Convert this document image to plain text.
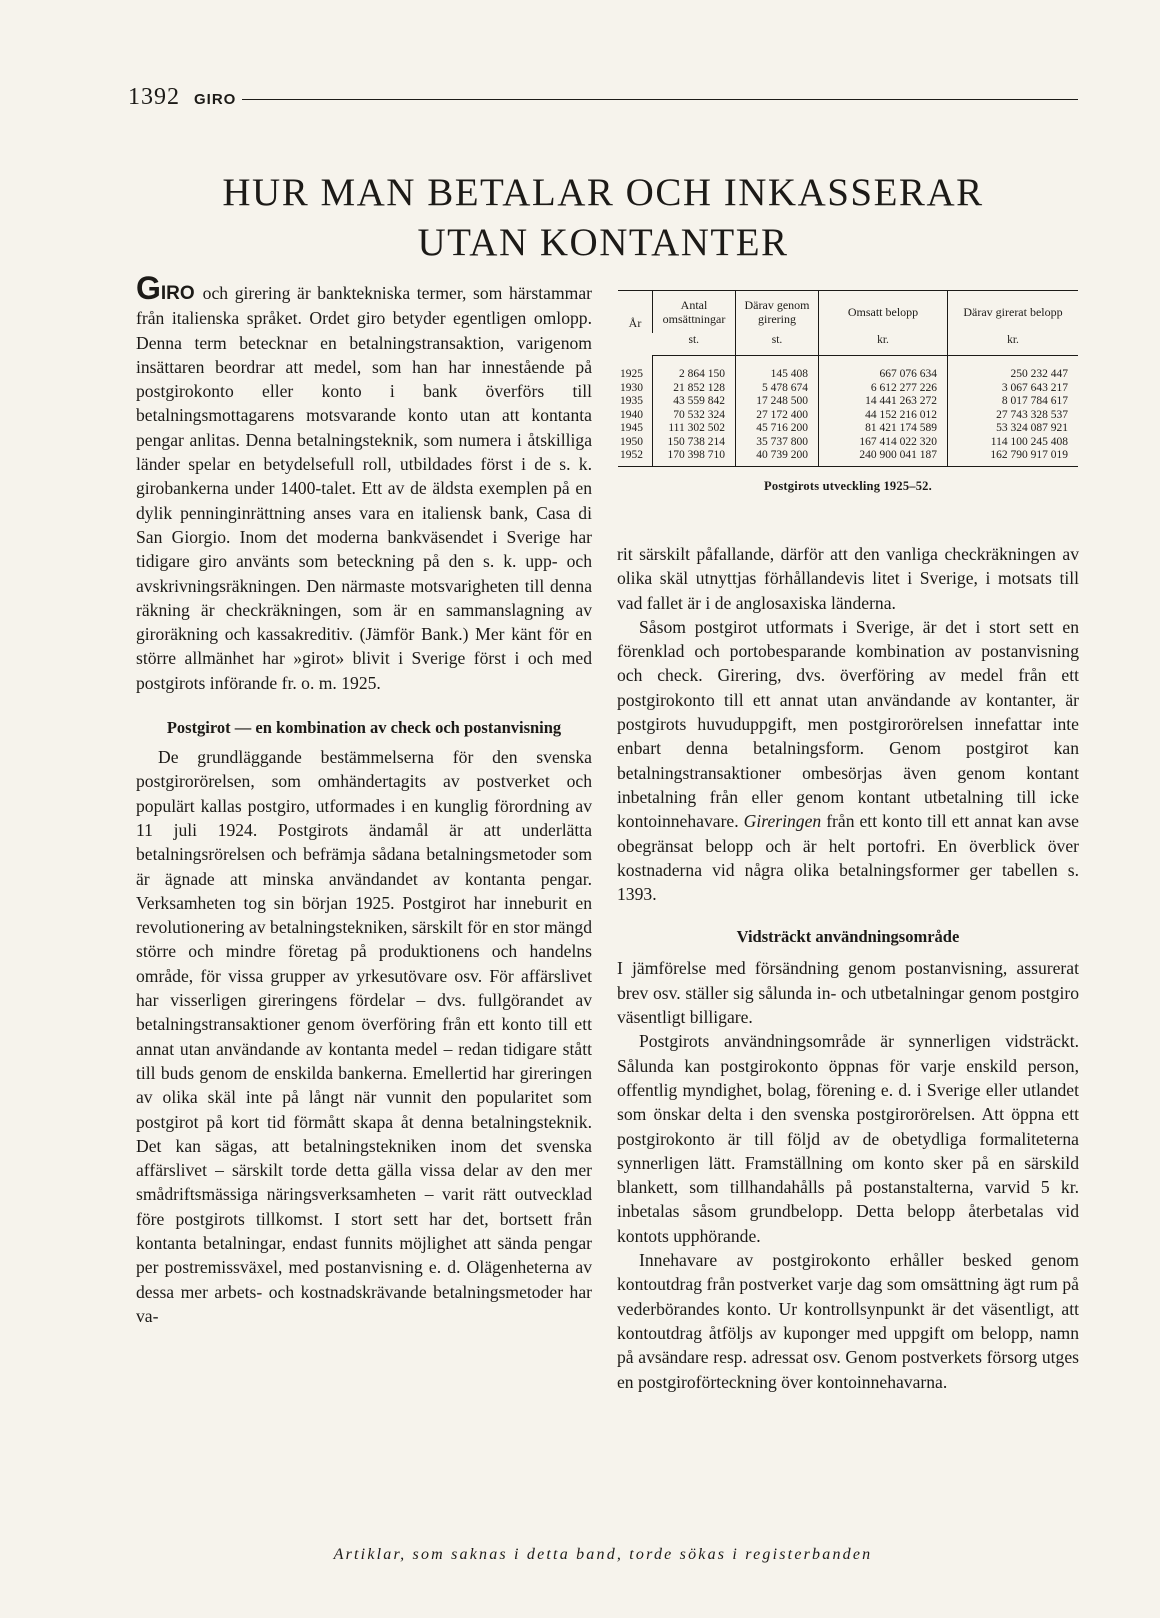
1392 GIRO
HUR MAN BETALAR OCH INKASSERAR
UTAN KONTANTER

GIRO och girering är banktekniska termer, som härstammar från italienska språket. Ordet giro betyder egentligen omlopp. Denna term betecknar en betalningstransaktion, varigenom insättaren beordrar att medel, som han har innestående på postgirokonto eller konto i bank överförs till betalningsmottagarens motsvarande konto utan att kontanta pengar anlitas. Denna betalningsteknik, som numera i åtskilliga länder spelar en betydelsefull roll, utbildades först i de s. k. girobankerna under 1400-talet. Ett av de äldsta exemplen på en dylik penninginrättning anses vara en italiensk bank, Casa di San Giorgio. Inom det moderna bankväsendet i Sverige har tidigare giro använts som beteckning på den s. k. upp- och avskrivningsräkningen. Den närmaste motsvarigheten till denna räkning är checkräkningen, som är en sammanslagning av giroräkning och kassakreditiv. (Jämför Bank.) Mer känt för en större allmänhet har »girot» blivit i Sverige först i och med postgirots införande fr. o. m. 1925.

Postgirot — en kombination av check och postanvisning

De grundläggande bestämmelserna för den svenska postgirorörelsen, som omhändertagits av postverket och populärt kallas postgiro, utformades i en kunglig förordning av 11 juli 1924. Postgirots ändamål är att underlätta betalningsrörelsen och befrämja sådana betalningsmetoder som är ägnade att minska användandet av kontanta pengar. Verksamheten tog sin början 1925. Postgirot har inneburit en revolutionering av betalningstekniken, särskilt för en stor mängd större och mindre företag på produktionens och handelns område, för vissa grupper av yrkesutövare osv. För affärslivet har visserligen gireringens fördelar – dvs. fullgörandet av betalningstransaktioner genom överföring från ett konto till ett annat utan användande av kontanta medel – redan tidigare stått till buds genom de enskilda bankerna. Emellertid har gireringen av olika skäl inte på långt när vunnit den popularitet som postgirot på kort tid förmått skapa åt denna betalningsteknik. Det kan sägas, att betalningstekniken inom det svenska affärslivet – särskilt torde detta gälla vissa delar av den mer smådriftsmässiga näringsverksamheten – varit rätt outvecklad före postgirots tillkomst. I stort sett har det, bortsett från kontanta betalningar, endast funnits möjlighet att sända pengar per postremissväxel, med postanvisning e. d. Olägenheterna av dessa mer arbets- och kostnadskrävande betalningsmetoder har va-

År	Antal omsättningar	Därav genom girering	Omsatt belopp	Därav girerat belopp
	st.	st.	kr.	kr.
1925	2 864 150	145 408	667 076 634	250 232 447
1930	21 852 128	5 478 674	6 612 277 226	3 067 643 217
1935	43 559 842	17 248 500	14 441 263 272	8 017 784 617
1940	70 532 324	27 172 400	44 152 216 012	27 743 328 537
1945	111 302 502	45 716 200	81 421 174 589	53 324 087 921
1950	150 738 214	35 737 800	167 414 022 320	114 100 245 408
1952	170 398 710	40 739 200	240 900 041 187	162 790 917 019
Postgirots utveckling 1925–52.

rit särskilt påfallande, därför att den vanliga checkräkningen av olika skäl utnyttjas förhållandevis litet i Sverige, i motsats till vad fallet är i de anglosaxiska länderna.

Såsom postgirot utformats i Sverige, är det i stort sett en förenklad och portobesparande kombination av postanvisning och check. Girering, dvs. överföring av medel från ett postgirokonto till ett annat utan användande av kontanter, är postgirots huvuduppgift, men postgirorörelsen innefattar inte enbart denna betalningsform. Genom postgirot kan betalningstransaktioner ombesörjas även genom kontant inbetalning från eller genom kontant utbetalning till icke kontoinnehavare. Gireringen från ett konto till ett annat kan avse obegränsat belopp och är helt portofri. En överblick över kostnaderna vid några olika betalningsformer ger tabellen s. 1393.

Vidsträckt användningsområde

I jämförelse med försändning genom postanvisning, assurerat brev osv. ställer sig sålunda in- och utbetalningar genom postgiro väsentligt billigare.

Postgirots användningsområde är synnerligen vidsträckt. Sålunda kan postgirokonto öppnas för varje enskild person, offentlig myndighet, bolag, förening e. d. i Sverige eller utlandet som önskar delta i den svenska postgirorörelsen. Att öppna ett postgirokonto är till följd av de obetydliga formaliteterna synnerligen lätt. Framställning om konto sker på en särskild blankett, som tillhandahålls på postanstalterna, varvid 5 kr. inbetalas såsom grundbelopp. Detta belopp återbetalas vid kontots upphörande.

Innehavare av postgirokonto erhåller besked genom kontoutdrag från postverket varje dag som omsättning ägt rum på vederbörandes konto. Ur kontrollsynpunkt är det väsentligt, att kontoutdrag åtföljs av kuponger med uppgift om belopp, namn på avsändare resp. adressat osv. Genom postverkets försorg utges en postgiroförteckning över kontoinnehavarna.

Artiklar, som saknas i detta band, torde sökas i registerbanden
